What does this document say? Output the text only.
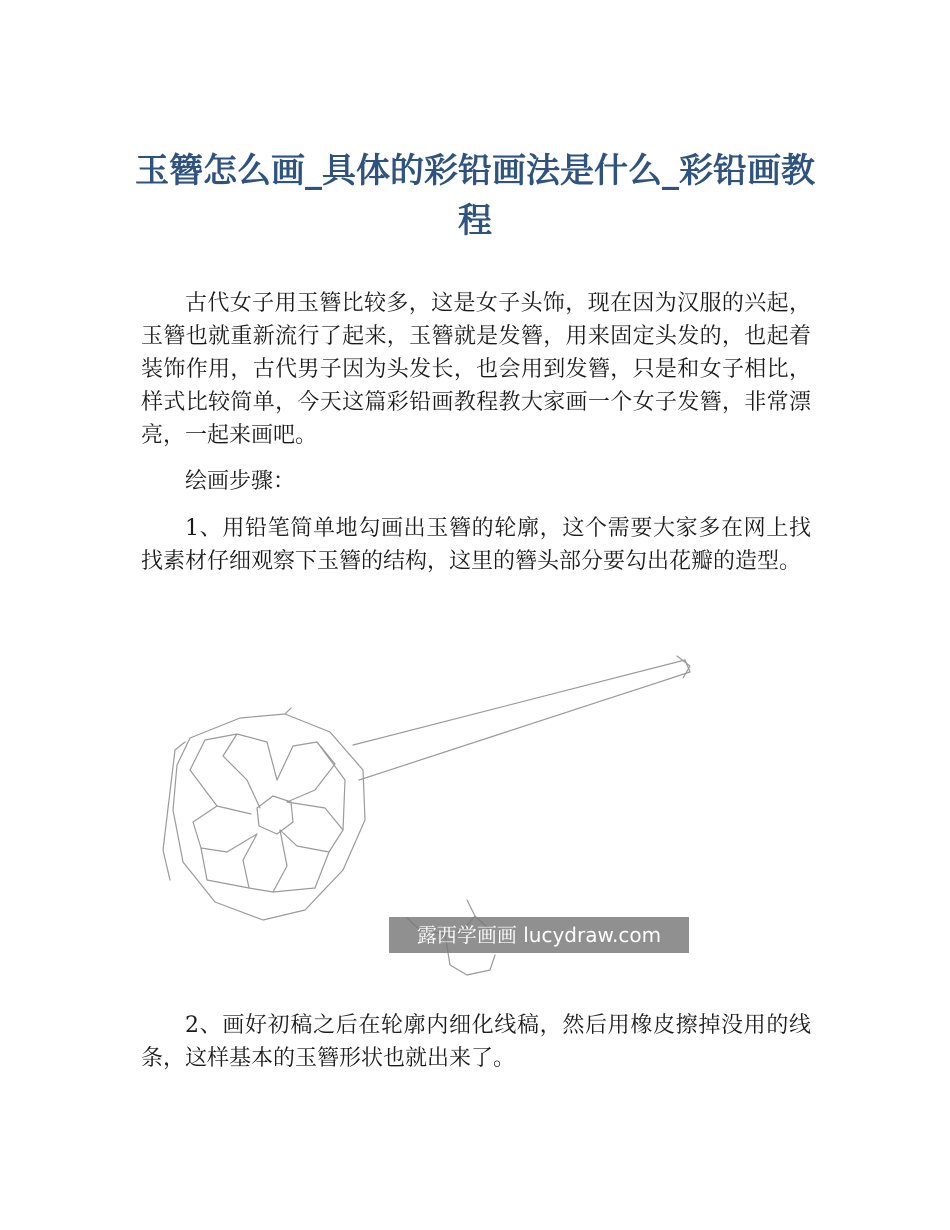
玉簪怎么画_具体的彩铅画法是什么_彩铅画教程

古代女子用玉簪比较多，这是女子头饰，现在因为汉服的兴起，玉簪也就重新流行了起来，玉簪就是发簪，用来固定头发的，也起着装饰作用，古代男子因为头发长，也会用到发簪，只是和女子相比，样式比较简单，今天这篇彩铅画教程教大家画一个女子发簪，非常漂亮，一起来画吧。

绘画步骤：

1、用铅笔简单地勾画出玉簪的轮廓，这个需要大家多在网上找找素材仔细观察下玉簪的结构，这里的簪头部分要勾出花瓣的造型。

露西学画画 lucydraw.com

2、画好初稿之后在轮廓内细化线稿，然后用橡皮擦掉没用的线条，这样基本的玉簪形状也就出来了。
